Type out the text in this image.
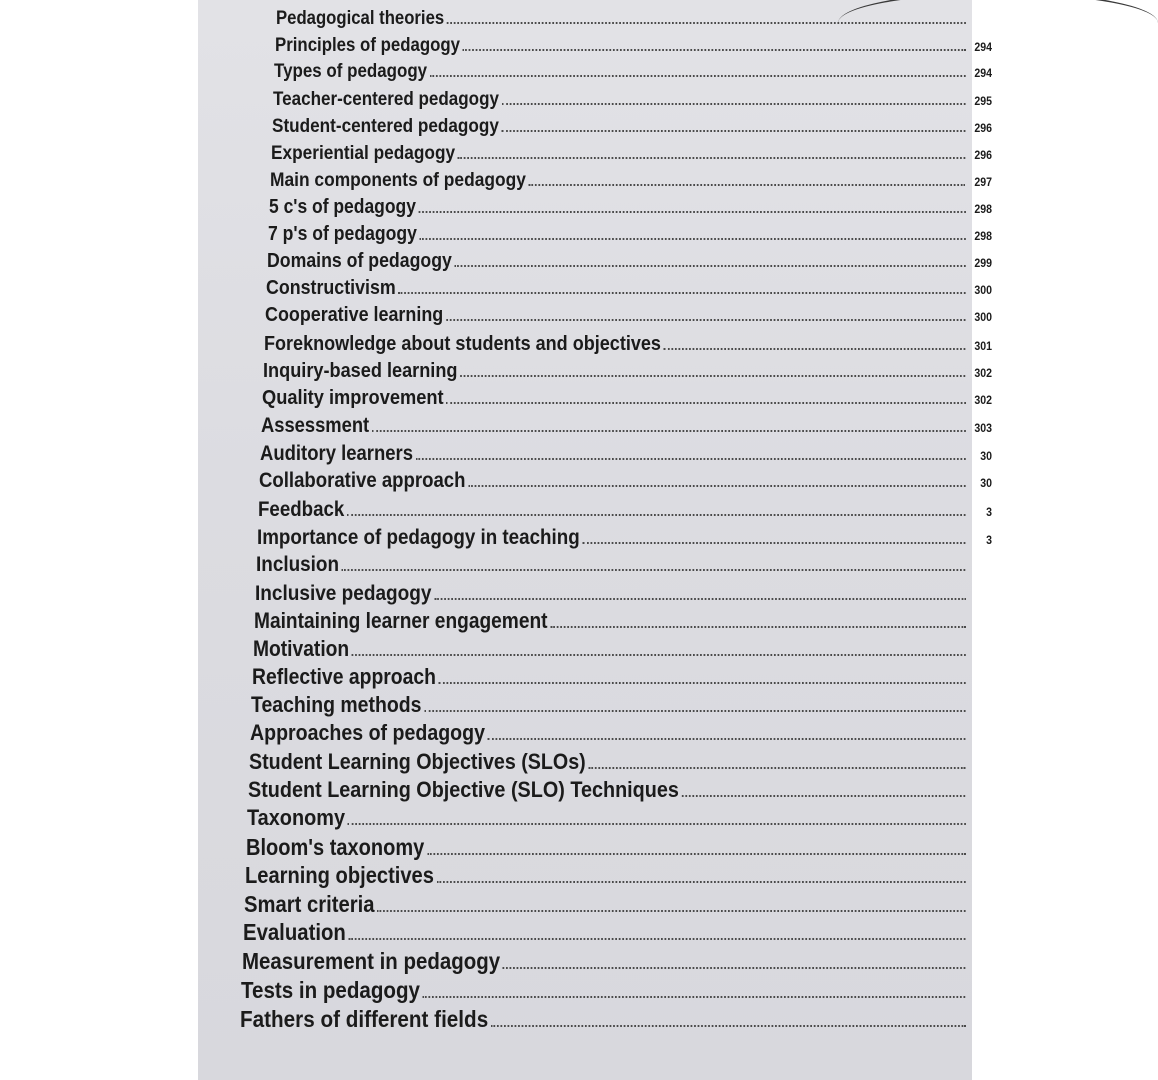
Pedagogical theories
Principles of pedagogy	294
Types of pedagogy	294
Teacher-centered pedagogy	295
Student-centered pedagogy	296
Experiential pedagogy	296
Main components of pedagogy	297
5 c's of pedagogy	298
7 p's of pedagogy	298
Domains of pedagogy	299
Constructivism	300
Cooperative learning	300
Foreknowledge about students and objectives	301
Inquiry-based learning	302
Quality improvement	302
Assessment	303
Auditory learners	30
Collaborative approach	30
Feedback	3
Importance of pedagogy in teaching	3
Inclusion
Inclusive pedagogy
Maintaining learner engagement
Motivation
Reflective approach
Teaching methods
Approaches of pedagogy
Student Learning Objectives (SLOs)
Student Learning Objective (SLO) Techniques
Taxonomy
Bloom's taxonomy
Learning objectives
Smart criteria
Evaluation
Measurement in pedagogy
Tests in pedagogy
Fathers of different fields
